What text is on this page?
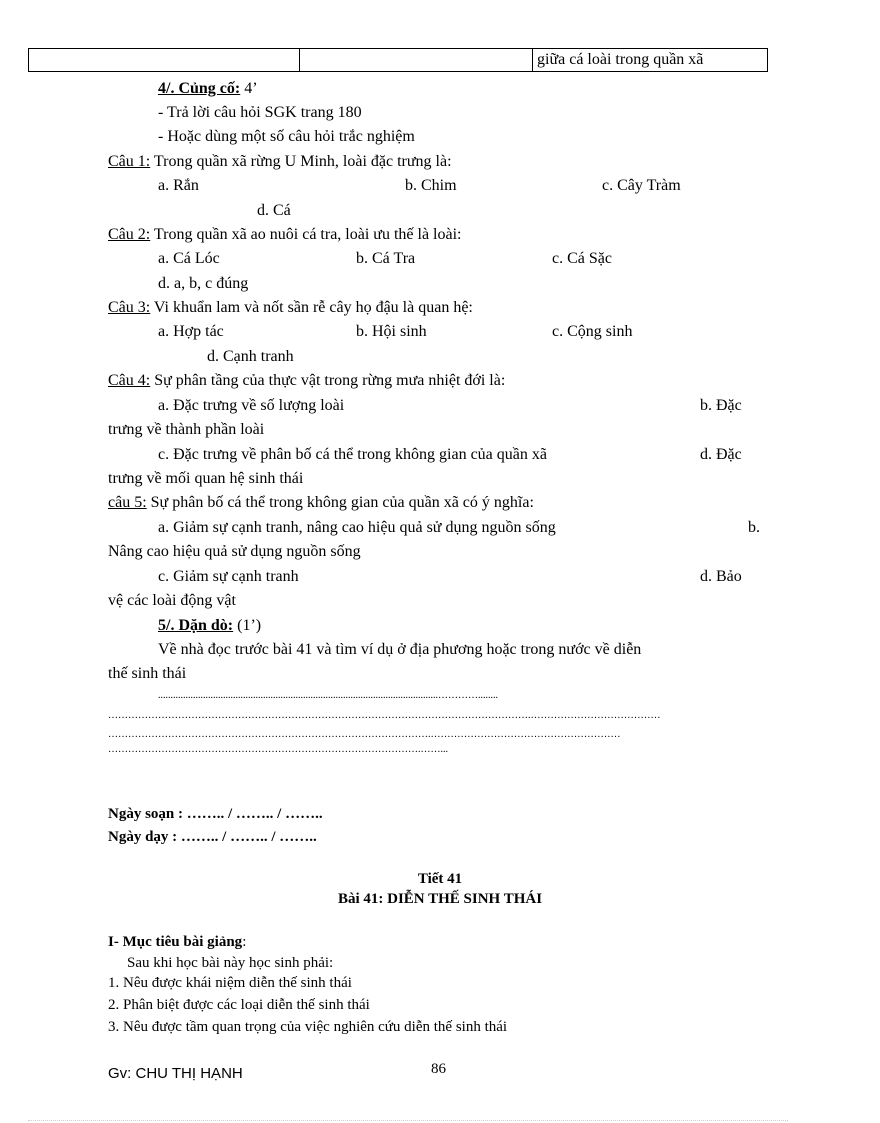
		giữa cá loài trong quần xã
4/. Củng cố: 4’
- Trả lời câu hỏi SGK trang 180
- Hoặc dùng một số câu hỏi trắc nghiệm
Câu 1: Trong quần xã rừng U Minh, loài đặc trưng là:
a. Rắn	b. Chim	c. Cây Tràm
d. Cá
Câu 2: Trong quần xã ao nuôi cá tra, loài ưu thế là loài:
a. Cá Lóc	b. Cá Tra	c. Cá Sặc
d. a, b, c đúng
Câu 3: Vi khuẩn lam và nốt sần rễ cây họ đậu là quan hệ:
a. Hợp tác	b. Hội sinh	c. Cộng sinh
d. Cạnh tranh
Câu 4: Sự phân tầng của thực vật trong rừng mưa nhiệt đới là:
a. Đặc trưng về số lượng loài	b. Đặc
trưng về thành phần loài
c. Đặc trưng về phân bố cá thể trong không gian của quần xã	d. Đặc
trưng về mối quan hệ sinh thái
câu 5: Sự phân bố cá thể trong không gian của quần xã có ý nghĩa:
a. Giảm sự cạnh tranh, nâng cao hiệu quả sử dụng nguồn sống	b.
Nâng cao hiệu quả sử dụng nguồn sống
c. Giảm sự cạnh tranh	d. Bảo
vệ các loài động vật
5/. Dặn dò: (1’)
Về nhà đọc trước bài 41 và tìm ví dụ ở địa phương hoặc trong nước về diễn
thế sinh thái
................................................................................................................…………........
……………………………………………………………………………………………………………….…………………………………
…………………………………………………………………………………….…………………………………………………
………………………………………………………………………………….……...
Ngày soạn : …….. / …….. / ……..
Ngày dạy : …….. / …….. / ……..
Tiết 41
Bài 41: DIỄN THẾ SINH THÁI
I- Mục tiêu bài giảng:
Sau khi học bài này học sinh phải:
1. Nêu được khái niệm diễn thế sinh thái
2. Phân biệt được các loại diễn thế sinh thái
3. Nêu được tầm quan trọng của việc nghiên cứu diễn thế sinh thái
Gv: CHU THỊ HẠNH	86
